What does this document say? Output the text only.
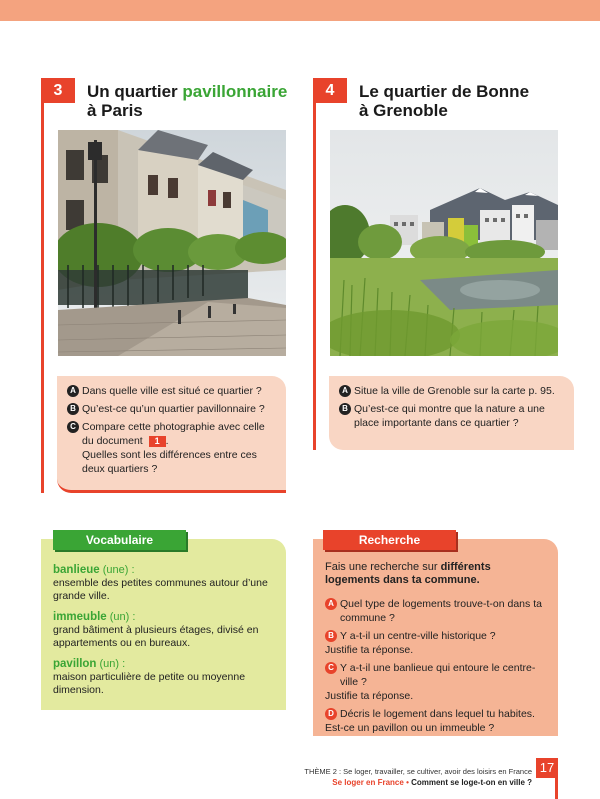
3	Un quartier pavillonnaire
à Paris
A Dans quelle ville est situé ce quartier ?
B Qu’est-ce qu’un quartier pavillonnaire ?
C Compare cette photographie avec celle du document 1 .
Quelles sont les différences entre ces deux quartiers ?
4	Le quartier de Bonne
à Grenoble
A Situe la ville de Grenoble sur la carte p. 95.
B Qu’est-ce qui montre que la nature a une place importante dans ce quartier ?
banlieue (une) :
ensemble des petites communes autour d’une grande ville.
immeuble (un) :
grand bâtiment à plusieurs étages, divisé en appartements ou en bureaux.
pavillon (un) :
maison particulière de petite ou moyenne dimension.
Vocabulaire

Fais une recherche sur différents logements dans ta commune.

A Quel type de logements trouve-t-on dans ta commune ?
B Y a-t-il un centre-ville historique ?
Justifie ta réponse.
C Y a-t-il une banlieue qui entoure le centre-ville ?
Justifie ta réponse.
D Décris le logement dans lequel tu habites.
Est-ce un pavillon ou un immeuble ?
Recherche
THÈME 2 : Se loger, travailler, se cultiver, avoir des loisirs en France
Se loger en France • Comment se loge-t-on en ville ?
17
